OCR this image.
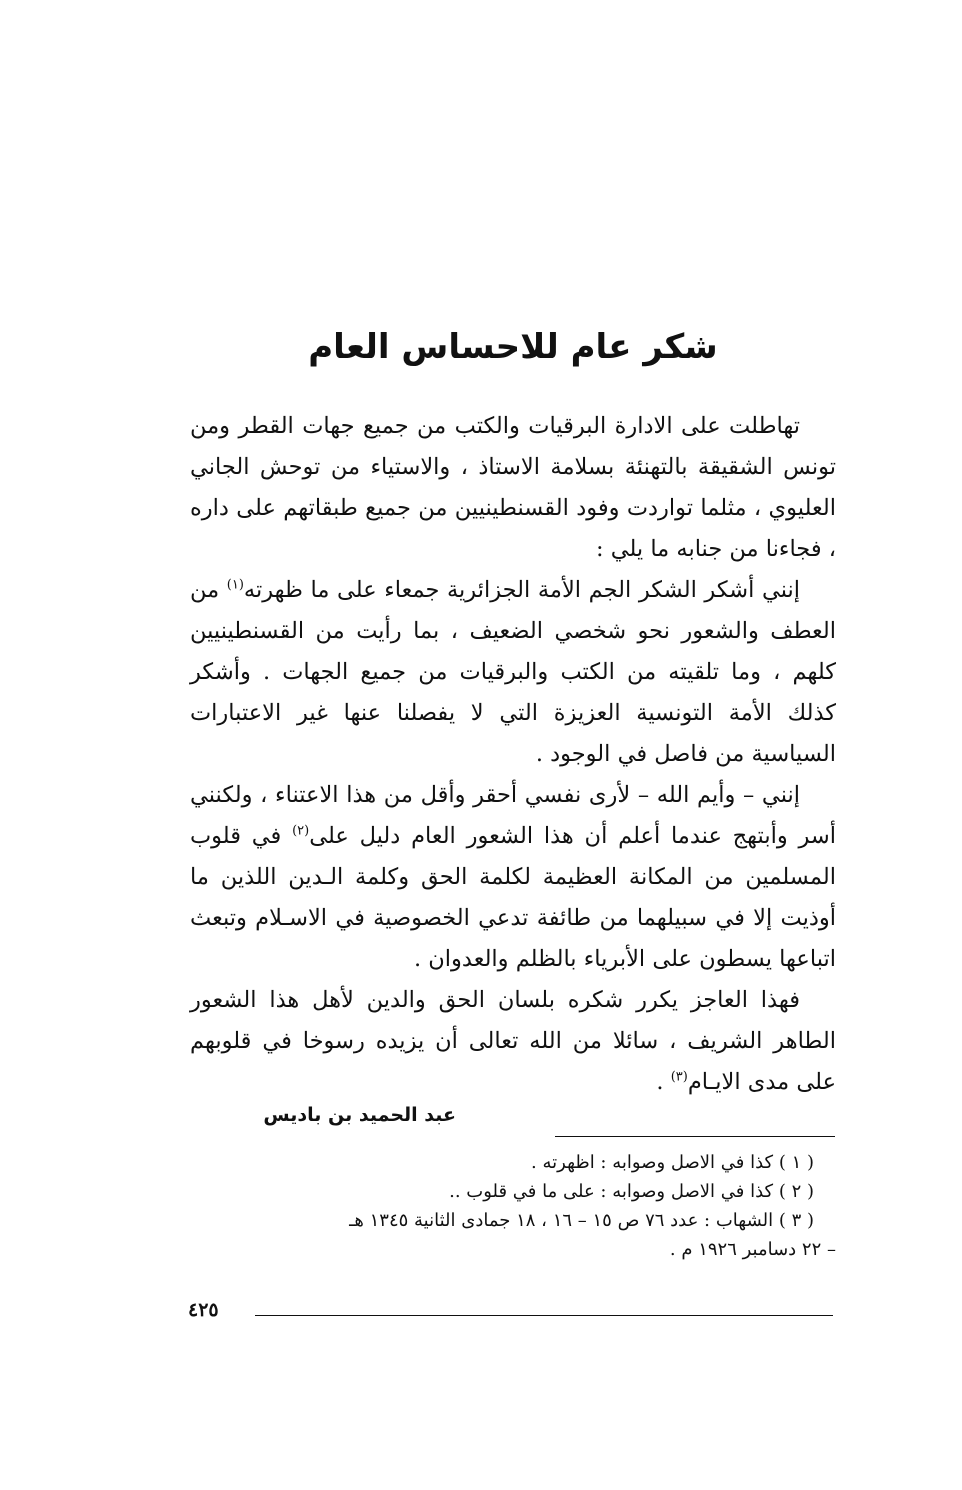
شكر عام للاحساس العام

تهاطلت على الادارة البرقيات والكتب من جميع جهات القطر ومن تونس الشقيقة بالتهنئة بسلامة الاستاذ ، والاستياء من توحش الجاني العليوي ، مثلما تواردت وفود القسنطينيين من جميع طبقاتهم على داره ، فجاءنا من جنابه ما يلي :

إنني أشكر الشكر الجم الأمة الجزائرية جمعاء على ما ظهرته$^{(١)}$ من العطف والشعور نحو شخصي الضعيف ، بما رأيت من القسنطينيين كلهم ، وما تلقيته من الكتب والبرقيات من جميع الجهات . وأشكر كذلك الأمة التونسية العزيزة التي لا يفصلنا عنها غير الاعتبارات السياسية من فاصل في الوجود .

إنني – وأيم الله – لأرى نفسي أحقر وأقل من هذا الاعتناء ، ولكنني أسر وأبتهج عندما أعلم أن هذا الشعور العام دليل على$^{(٢)}$ في قلوب المسلمين من المكانة العظيمة لكلمة الحق وكلمة الـدين اللذين ما أوذيت إلا في سبيلهما من طائفة تدعي الخصوصية في الاسـلام وتبعث اتباعها يسطون على الأبرياء بالظلم والعدوان .

فهذا العاجز يكرر شكره بلسان الحق والدين لأهل هذا الشعور الطاهر الشريف ، سائلا من الله تعالى أن يزيده رسوخا في قلوبهم على مدى الايـام$^{(٣)}$ .

عبد الحميد بن باديس

( ١ ) كذا في الاصل وصوابه : اظهرته .
( ٢ ) كذا في الاصل وصوابه : على ما في قلوب ..
( ٣ ) الشهاب : عدد ٧٦ ص ١٥ – ١٦ ، ١٨ جمادى الثانية ١٣٤٥ هـ
– ٢٢ دسامبر ١٩٢٦ م .
٤٢٥
